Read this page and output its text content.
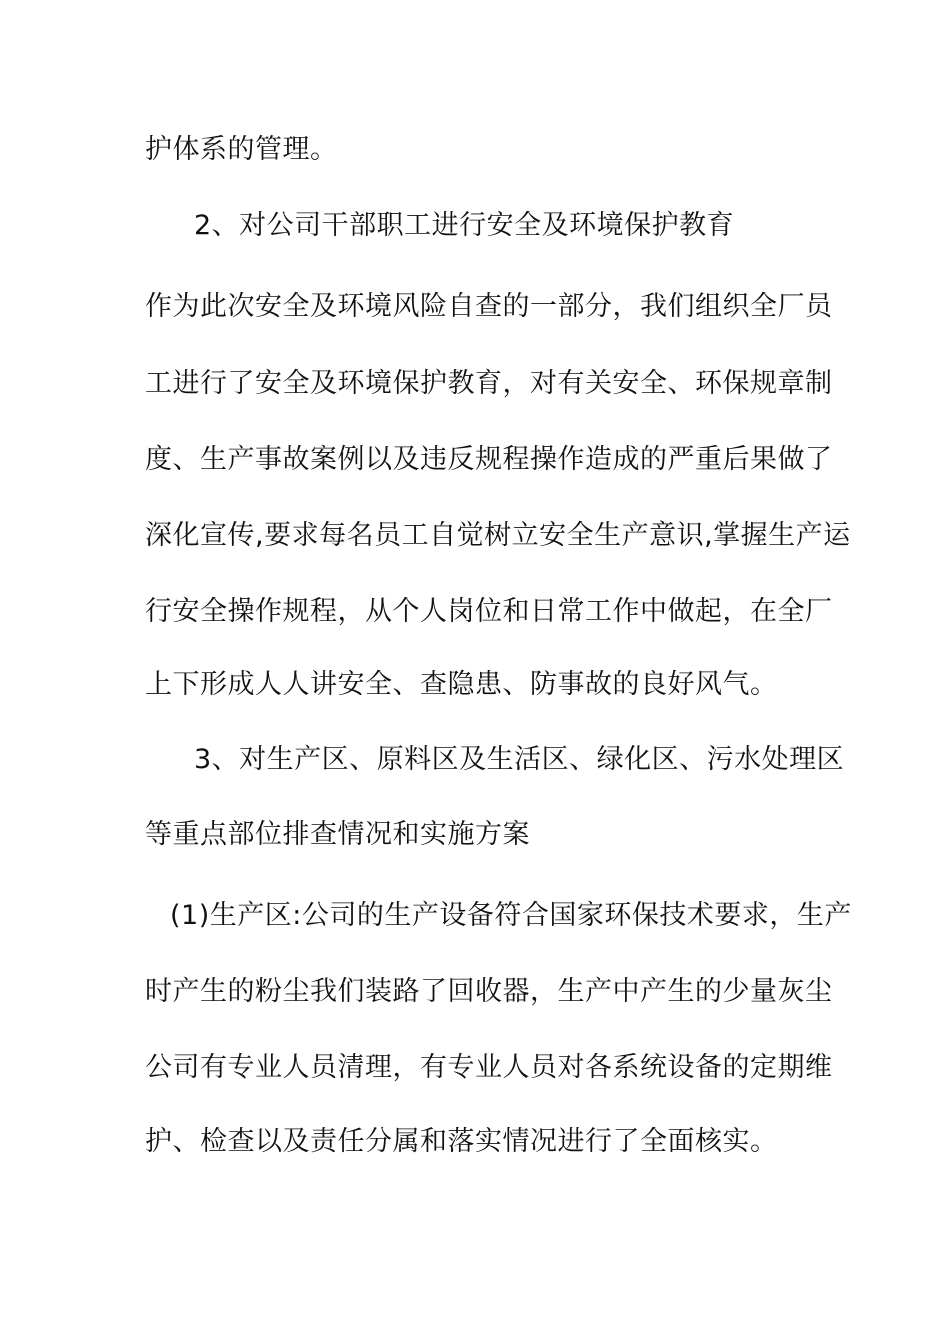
护体系的管理。
2、对公司干部职工进行安全及环境保护教育
作为此次安全及环境风险自查的一部分，我们组织全厂员
工进行了安全及环境保护教育，对有关安全、环保规章制
度、生产事故案例以及违反规程操作造成的严重后果做了
深化宣传,要求每名员工自觉树立安全生产意识,掌握生产运
行安全操作规程，从个人岗位和日常工作中做起，在全厂
上下形成人人讲安全、查隐患、防事故的良好风气。
3、对生产区、原料区及生活区、绿化区、污水处理区
等重点部位排查情况和实施方案
(1)生产区:公司的生产设备符合国家环保技术要求，生产
时产生的粉尘我们装路了回收器，生产中产生的少量灰尘
公司有专业人员清理，有专业人员对各系统设备的定期维
护、检查以及责任分属和落实情况进行了全面核实。
